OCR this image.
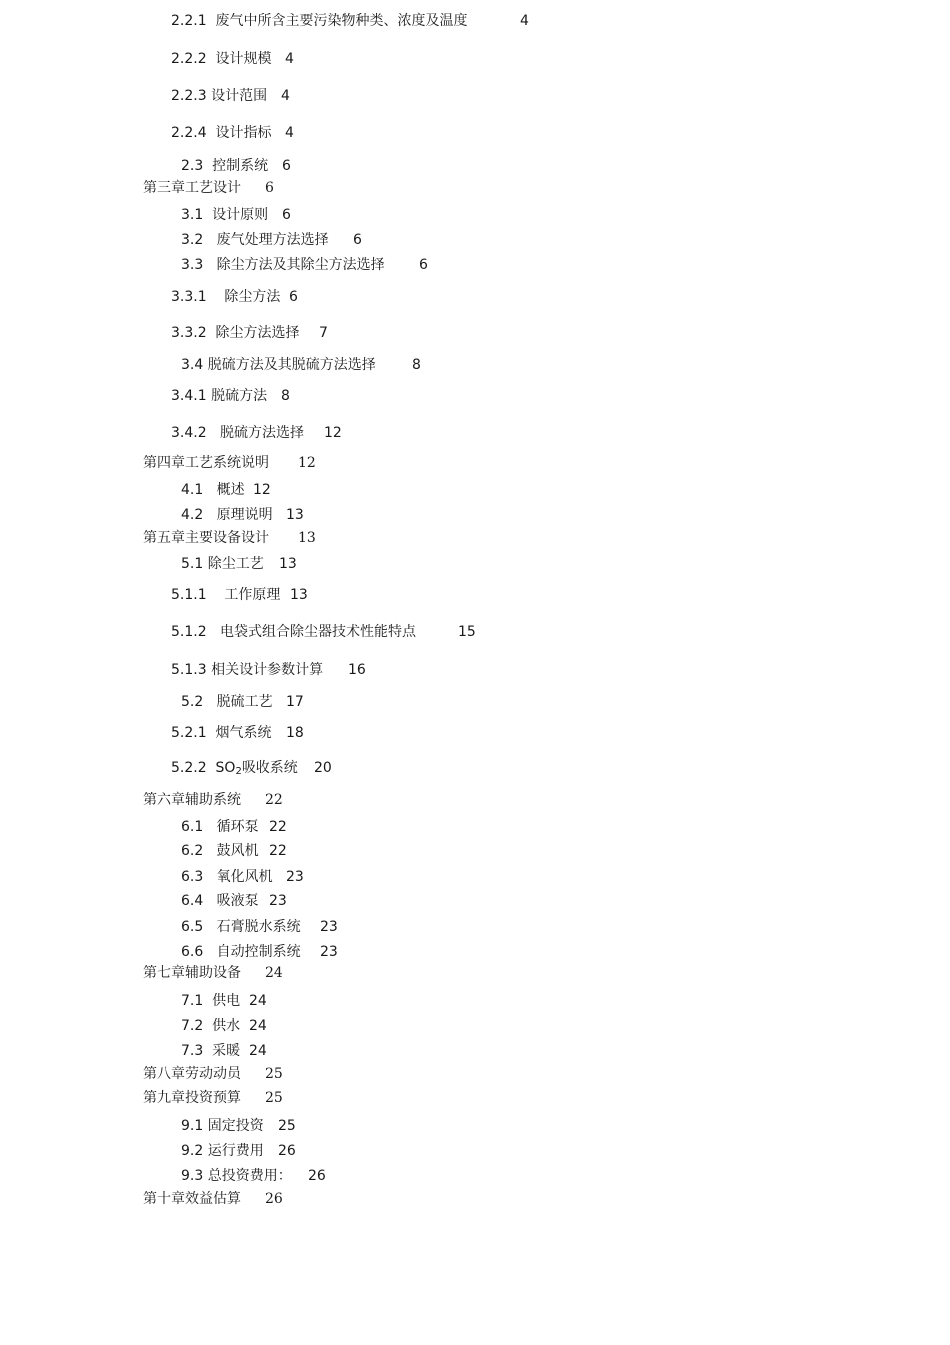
2.2.1  废气中所含主要污染物种类、浓度及温度	4
2.2.2  设计规模 4
2.2.3 设计范围 4
2.2.4  设计指标 4
2.3  控制系统 6
第三章工艺设计 6
3.1  设计原则 6
3.2   废气处理方法选择 6
3.3   除尘方法及其除尘方法选择 6
3.3.1    除尘方法 6
3.3.2  除尘方法选择 7
3.4 脱硫方法及其脱硫方法选择	8
3.4.1 脱硫方法 8
3.4.2   脱硫方法选择 12
第四章工艺系统说明 12
4.1   概述 12
4.2   原理说明 13
第五章主要设备设计 13
5.1 除尘工艺 13
5.1.1    工作原理 13
5.1.2   电袋式组合除尘器技术性能特点	15
5.1.3 相关设计参数计算 16
5.2   脱硫工艺 17
5.2.1  烟气系统 18
5.2.2  $SO_2$吸收系统 20
第六章辅助系统 22
6.1   循环泵 22
6.2   鼓风机 22
6.3   氧化风机 23
6.4   吸液泵 23
6.5   石膏脱水系统 23
6.6   自动控制系统 23
第七章辅助设备 24
7.1  供电 24
7.2  供水 24
7.3  采暖 24
第八章劳动动员 25
第九章投资预算 25
9.1 固定投资 25
9.2 运行费用 26
9.3 总投资费用： 26
第十章效益估算 26
